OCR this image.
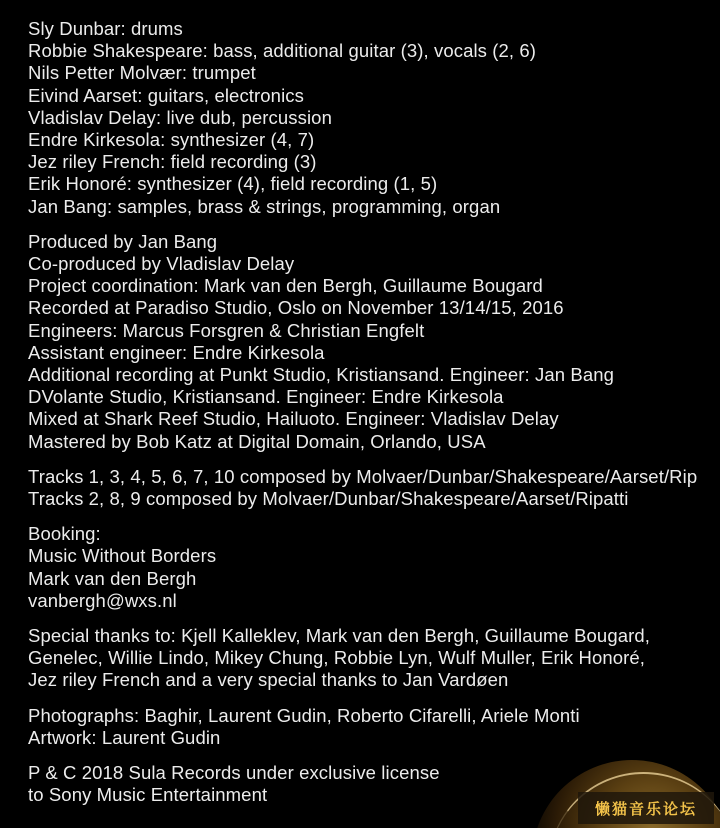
Sly Dunbar: drums
Robbie Shakespeare: bass, additional guitar (3), vocals (2, 6)
Nils Petter Molvær: trumpet
Eivind Aarset: guitars, electronics
Vladislav Delay: live dub, percussion
Endre Kirkesola: synthesizer (4, 7)
Jez riley French: field recording (3)
Erik Honoré: synthesizer (4), field recording (1, 5)
Jan Bang: samples, brass & strings, programming, organ
Produced by Jan Bang
Co-produced by Vladislav Delay
Project coordination: Mark van den Bergh, Guillaume Bougard
Recorded at Paradiso Studio, Oslo on November 13/14/15, 2016
Engineers: Marcus Forsgren & Christian Engfelt
Assistant engineer: Endre Kirkesola
Additional recording at Punkt Studio, Kristiansand. Engineer: Jan Bang
DVolante Studio, Kristiansand. Engineer: Endre Kirkesola
Mixed at Shark Reef Studio, Hailuoto. Engineer: Vladislav Delay
Mastered by Bob Katz at Digital Domain, Orlando, USA
Tracks 1, 3, 4, 5, 6, 7, 10 composed by Molvaer/Dunbar/Shakespeare/Aarset/Rip
Tracks 2, 8, 9 composed by Molvaer/Dunbar/Shakespeare/Aarset/Ripatti
Booking:
Music Without Borders
Mark van den Bergh
vanbergh@wxs.nl
Special thanks to: Kjell Kalleklev, Mark van den Bergh, Guillaume Bougard,
Genelec, Willie Lindo, Mikey Chung, Robbie Lyn, Wulf Muller, Erik Honoré,
Jez riley French and a very special thanks to Jan Vardøen
Photographs: Baghir, Laurent Gudin, Roberto Cifarelli, Ariele Monti
Artwork: Laurent Gudin
P & C 2018 Sula Records under exclusive license
to Sony Music Entertainment
懒猫音乐论坛
